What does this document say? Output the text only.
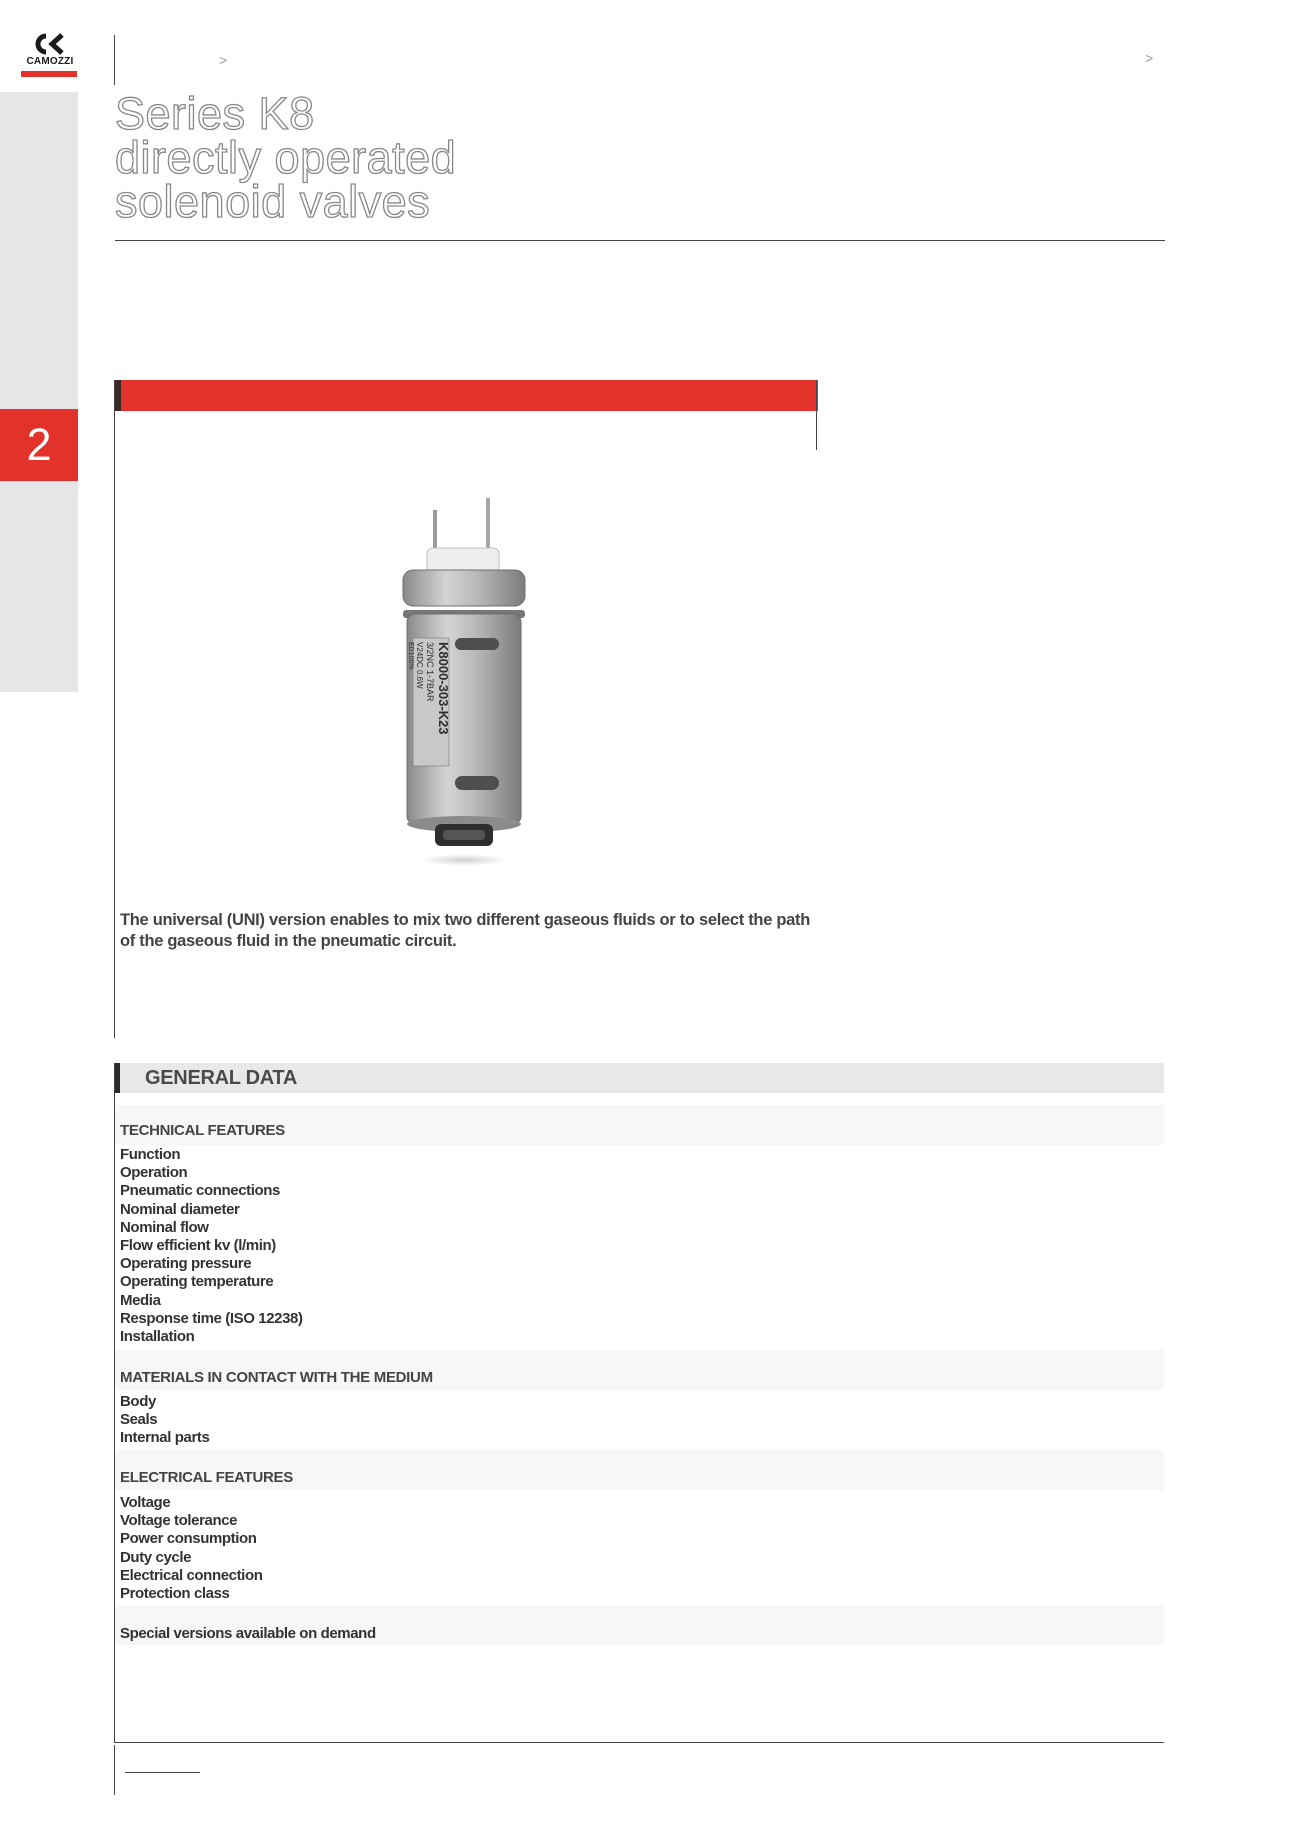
2
CAMOZZI	>	>
Series K8
directly operated
solenoid valves
K8000-303-K23
3/2NC 1-7BAR
V24DC 0.6W
ED100%
The universal (UNI) version enables to mix two different gaseous fluids or to select the path of the gaseous fluid in the pneumatic circuit.
GENERAL DATA
TECHNICAL FEATURES
Function
Operation
Pneumatic connections
Nominal diameter
Nominal flow
Flow efficient kv (l/min)
Operating pressure
Operating temperature
Media
Response time (ISO 12238)
Installation
MATERIALS IN CONTACT WITH THE MEDIUM
Body
Seals
Internal parts
ELECTRICAL FEATURES
Voltage
Voltage tolerance
Power consumption
Duty cycle
Electrical connection
Protection class
Special versions available on demand
